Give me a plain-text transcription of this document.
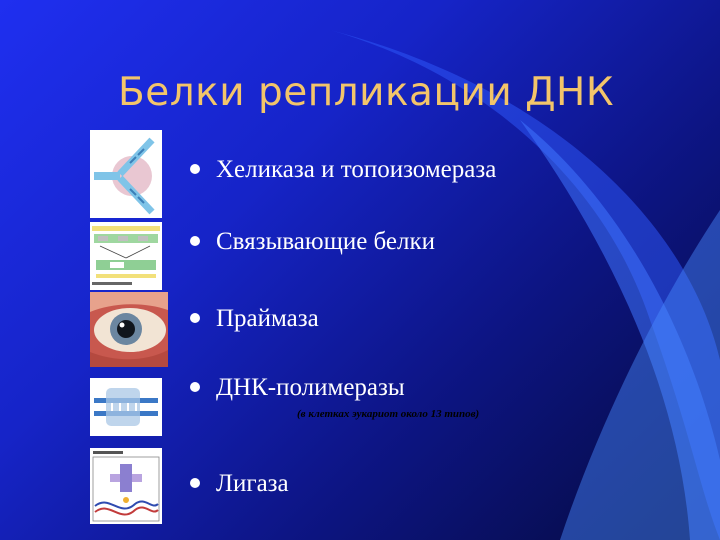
Белки репликации ДНК
Хеликаза и топоизомераза
Связывающие белки
Праймаза
ДНК-полимеразы
(в клетках эукариот около 13 типов)
Лигаза
